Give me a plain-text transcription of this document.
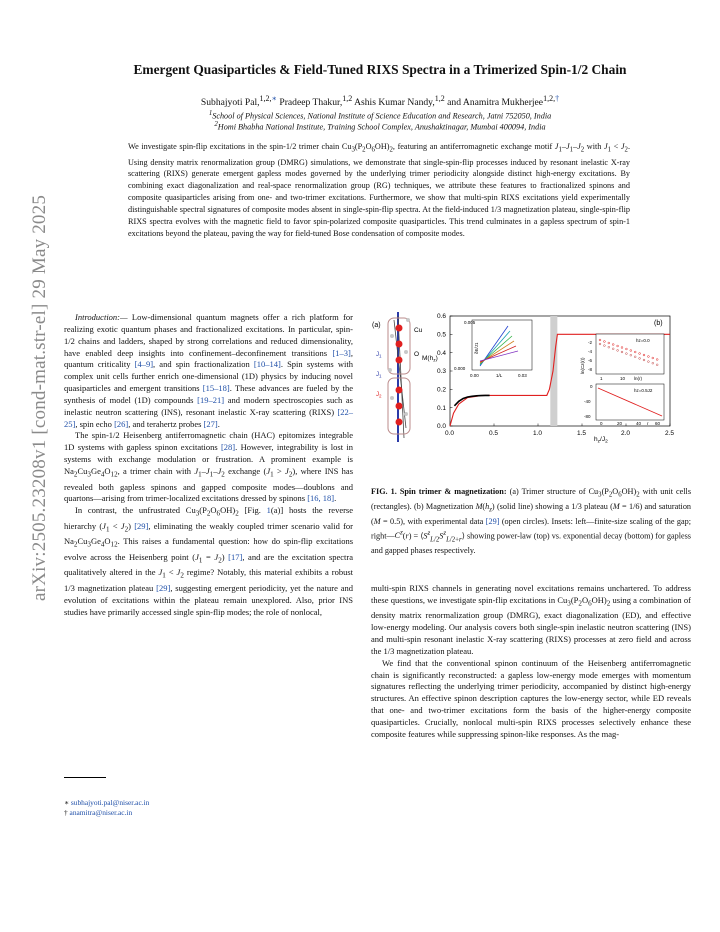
arXiv:2505.23208v1 [cond-mat.str-el] 29 May 2025
Emergent Quasiparticles & Field-Tuned RIXS Spectra in a Trimerized Spin-1/2 Chain
Subhajyoti Pal,$^{1,2,∗}$ Pradeep Thakur,$^{1,2}$ Ashis Kumar Nandy,$^{1,2}$ and Anamitra Mukherjee$^{1,2,\dagger}$
$^1$School of Physical Sciences, National Institute of Science Education and Research, Jatni 752050, India
$^2$Homi Bhabha National Institute, Training School Complex, Anushaktinagar, Mumbai 400094, India
We investigate spin-flip excitations in the spin-1/2 trimer chain $Cu_3(P_2O_6OH)_2$, featuring an antiferromagnetic exchange motif $J_1-J_1-J_2$ with $J_1 < J_2$. Using density matrix renormalization group (DMRG) simulations, we demonstrate that single-spin-flip processes induced by resonant inelastic X-ray scattering (RIXS) generate emergent gapless modes governed by the underlying trimer periodicity alongside distinct high-energy excitations. By combining exact diagonalization and real-space renormalization group (RG) techniques, we attribute these features to fractionalized spinons and composite quasiparticles arising from one- and two-trimer excitations. Furthermore, we show that multi-spin RIXS excitations yield experimentally distinguishable spectral signatures of composite modes absent in single-spin-flip spectra. At the field-induced 1/3 magnetization plateau, single-spin-flip RIXS spectra evolves with the magnetic field to favor spin-polarized composite quasiparticles. This trend culminates in a gapless spectrum of spin-1 excitations beyond the plateau, paving the way for field-tuned Bose condensation of composite modes.

Introduction:— Low-dimensional quantum magnets offer a rich platform for realizing exotic quantum phases and fractionalized excitations. In particular, spin-1/2 chains and ladders, shaped by strong correlations and reduced dimensionality, have enabled deep insights into confinement–deconfinement transitions [1–3], quantum criticality [4–9], and spin fractionalization [10–14]. Spin systems with complex unit cells further enrich one-dimensional (1D) physics by inducing novel quasiparticles and emergent transitions [15–18]. These advances are fueled by the synthesis of model (1D) compounds [19–21] and modern spectroscopies such as inelastic neutron scattering (INS), resonant inelastic X-ray scattering (RIXS) [22–25], spin echo [26], and terahertz probes [27].

The spin-1/2 Heisenberg antiferromagnetic chain (HAC) epitomizes integrable 1D systems with gapless spinon excitations [28]. However, integrability is lost in systems with exchange modulation or frustration. A prominent example is $Na_2Cu_3Ge_4O_{12}$, a trimer chain with $J_1-J_1-J_2$ exchange $(J_1 > J_2)$, where INS has revealed both gapless spinons and gapped composite modes—doublons and quartons—arising from trimer-localized excitations dressed by spinons [16, 18].

In contrast, the unfrustrated $Cu_3(P_2O_6OH)_2$ [Fig. 1(a)] hosts the reverse hierarchy $(J_1 < J_2)$ [29], eliminating the weakly coupled trimer scenario valid for $Na_2Cu_3Ge_4O_{12}$. This raises a fundamental question: how do spin-flip excitations evolve across the Heisenberg point $(J_1 = J_2)$ [17], and are the excitation spectra qualitatively altered in the $J_1 < J_2$ regime? Notably, this material exhibits a robust 1/3 magnetization plateau [29], suggesting emergent periodicity, yet the nature and evolution of excitations within the plateau remain unexplored. Also, prior INS studies have primarily accessed single spin-flip modes; the role of nonlocal,

∗ subhajyoti.pal@niser.ac.in
† anamitra@niser.ac.in
(a)
Cu
O
$J_1$
$J_1$
$J_2$
0.0	0.5	1.0	1.5	2.0	2.5
0.0
0.1
0.2
0.3
0.4
0.5
0.6
$M(h_z)$
$h_z/J_2$
(b)
0.005
0.000
0.00	0.03
1/L
δE/J1
hz=0.0
-2
-4
-6
-8
1	10 ln(r)
ln(Cz(r))
hz=0.5J2
0
-40
-80
0	20	40	60
r
FIG. 1. Spin trimer & magnetization: (a) Trimer structure of $Cu_3(P_2O_6OH)_2$ with unit cells (rectangles). (b) Magnetization $M(h_z)$ (solid line) showing a 1/3 plateau (M = 1/6) and saturation (M = 0.5), with experimental data [29] (open circles). Insets: left—finite-size scaling of the gap; $right—C^z(r)$ = $⟨S^z_{L/2}S^z_{L/2+r}⟩$ showing power-law (top) vs. exponential decay (bottom) for gapless and gapped phases respectively.

multi-spin RIXS channels in generating novel excitations remains unchartered. To address these questions, we investigate spin-flip excitations in $Cu_3(P_2O_6OH)_2$ using a combination of density matrix renormalization group (DMRG), exact diagonalization (ED), and effective low-energy modeling. Our analysis covers both single-spin inelastic neutron scattering (INS) and multi-spin resonant inelastic X-ray scattering (RIXS) processes at zero field and across the 1/3 magnetization plateau.

We find that the conventional spinon continuum of the Heisenberg antiferromagnetic chain is significantly reconstructed: a gapless low-energy mode emerges with momentum signatures reflecting the underlying trimer periodicity, accompanied by distinct high-energy structures. An effective spinon description captures the low-energy sector, while ED reveals that one- and two-trimer excitations form the basis of the higher-energy composite quasiparticles. Crucially, nonlocal multi-spin RIXS processes selectively enhance these composite features while suppressing spinon-like responses. As the mag-
